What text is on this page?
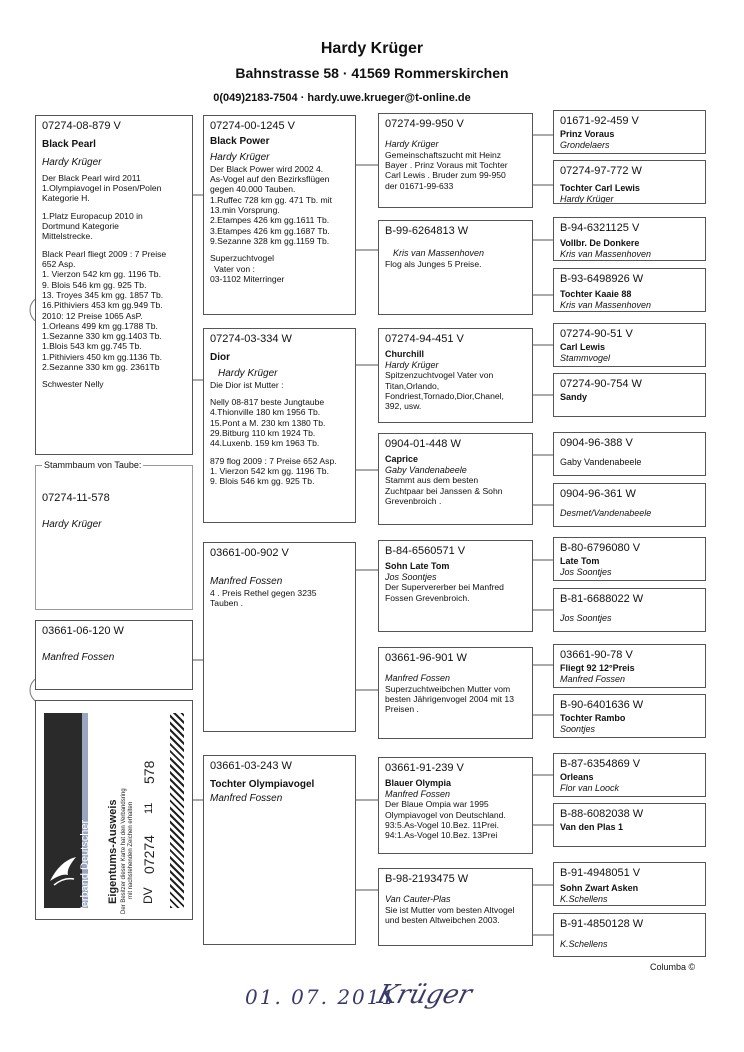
Hardy Krüger
Bahnstrasse 58 · 41569 Rommerskirchen
0(049)2183-7504 · hardy.uwe.krueger@t-online.de
07274-08-879 V
Black Pearl
Hardy Krüger
Der Black Pearl wird 2011
1.Olympiavogel in Posen/Polen
Kategorie H.
1.Platz Europacup 2010 in
Dortmund Kategorie
Mittelstrecke.
Black Pearl fliegt 2009 : 7 Preise
652 Asp.
1. Vierzon 542 km gg. 1196 Tb.
9. Blois 546 km gg. 925 Tb.
13. Troyes 345 km gg. 1857 Tb.
16.Pithiviers 453 km gg.949 Tb.
2010: 12 Preise 1065 AsP.
1.Orleans 499 km gg.1788 Tb.
1.Sezanne 330 km gg.1403 Tb.
1.Blois 543 km gg.745 Tb.
1.Pithiviers 450 km gg.1136 Tb.
2.Sezanne 330 km gg. 2361Tb
Schwester Nelly
07274-11-578
Hardy Krüger
Stammbaum von Taube:
03661-06-120 W
Manfred Fossen
Verband Deutscher Brieftaubenzüchter e.V. Eigentums-Ausweis Der Besitzer dieser Karte hat den Verbandsring mit nachstehenden Zeichen erhalten DV
07274
11
578
07274-00-1245 V
Black Power
Hardy Krüger
Der Black Power wird 2002 4.
As-Vogel auf den Bezirksflügen
gegen 40.000 Tauben.
1.Ruffec 728 km gg. 471 Tb. mit
13.min Vorsprung.
2.Etampes 426 km gg.1611 Tb.
3.Etampes 426 km gg.1687 Tb.
9.Sezanne 328 km gg.1159 Tb.
Superzuchtvogel
Vater von :
03-1102 Miterringer
07274-03-334 W
Dior
Hardy Krüger
Die Dior ist Mutter :
Nelly 08-817 beste Jungtaube
4.Thionville 180 km 1956 Tb.
15.Pont a M. 230 km 1380 Tb.
29.Bitburg 110 km 1924 Tb.
44.Luxenb. 159 km 1963 Tb.
879 flog 2009 : 7 Preise 652 Asp.
1. Vierzon 542 km gg. 1196 Tb.
9. Blois 546 km gg. 925 Tb.
03661-00-902 V
Manfred Fossen
4 . Preis Rethel gegen 3235
Tauben .
03661-03-243 W
Tochter Olympiavogel
Manfred Fossen
07274-99-950 V
Hardy Krüger
Gemeinschaftszucht mit Heinz
Bayer . Prinz Voraus mit Tochter
Carl Lewis . Bruder zum 99-950
der 01671-99-633
B-99-6264813 W
Kris van Massenhoven
Flog als Junges 5 Preise.
07274-94-451 V
Churchill
Hardy Krüger
Spitzenzuchtvogel Vater von
Titan,Orlando,
Fondriest,Tornado,Dior,Chanel,
392, usw.
0904-01-448 W
Caprice
Gaby Vandenabeele
Stammt aus dem besten
Zuchtpaar bei Janssen & Sohn
Grevenbroich .
B-84-6560571 V
Sohn Late Tom
Jos Soontjes
Der Supervererber bei Manfred
Fossen Grevenbroich.
03661-96-901 W
Manfred Fossen
Superzuchtweibchen Mutter vom
besten Jährigenvogel 2004 mit 13
Preisen .
03661-91-239 V
Blauer Olympia
Manfred Fossen
Der Blaue Ompia war 1995
Olympiavogel von Deutschland.
93:5.As-Vogel 10.Bez. 11Prei.
94:1.As-Vogel 10.Bez. 13Prei
B-98-2193475 W
Van Cauter-Plas
Sie ist Mutter vom besten Altvogel
und besten Altweibchen 2003.
01671-92-459 V
Prinz Voraus
Grondelaers
07274-97-772 W
Tochter Carl Lewis
Hardy Krüger
B-94-6321125 V
Vollbr. De Donkere
Kris van Massenhoven
B-93-6498926 W
Tochter Kaaie 88
Kris van Massenhoven
07274-90-51 V
Carl Lewis
Stammvogel
07274-90-754 W
Sandy
0904-96-388 V
Gaby Vandenabeele
0904-96-361 W
Desmet/Vandenabeele
B-80-6796080 V
Late Tom
Jos Soontjes
B-81-6688022 W
Jos Soontjes
03661-90-78 V
Fliegt 92 12°Preis
Manfred Fossen
B-90-6401636 W
Tochter Rambo
Soontjes
B-87-6354869 V
Orleans
Flor van Loock
B-88-6082038 W
Van den Plas 1
B-91-4948051 V
Sohn Zwart Asken
K.Schellens
B-91-4850128 W
K.Schellens
Columba ©
01. 07. 2011
Krüger
